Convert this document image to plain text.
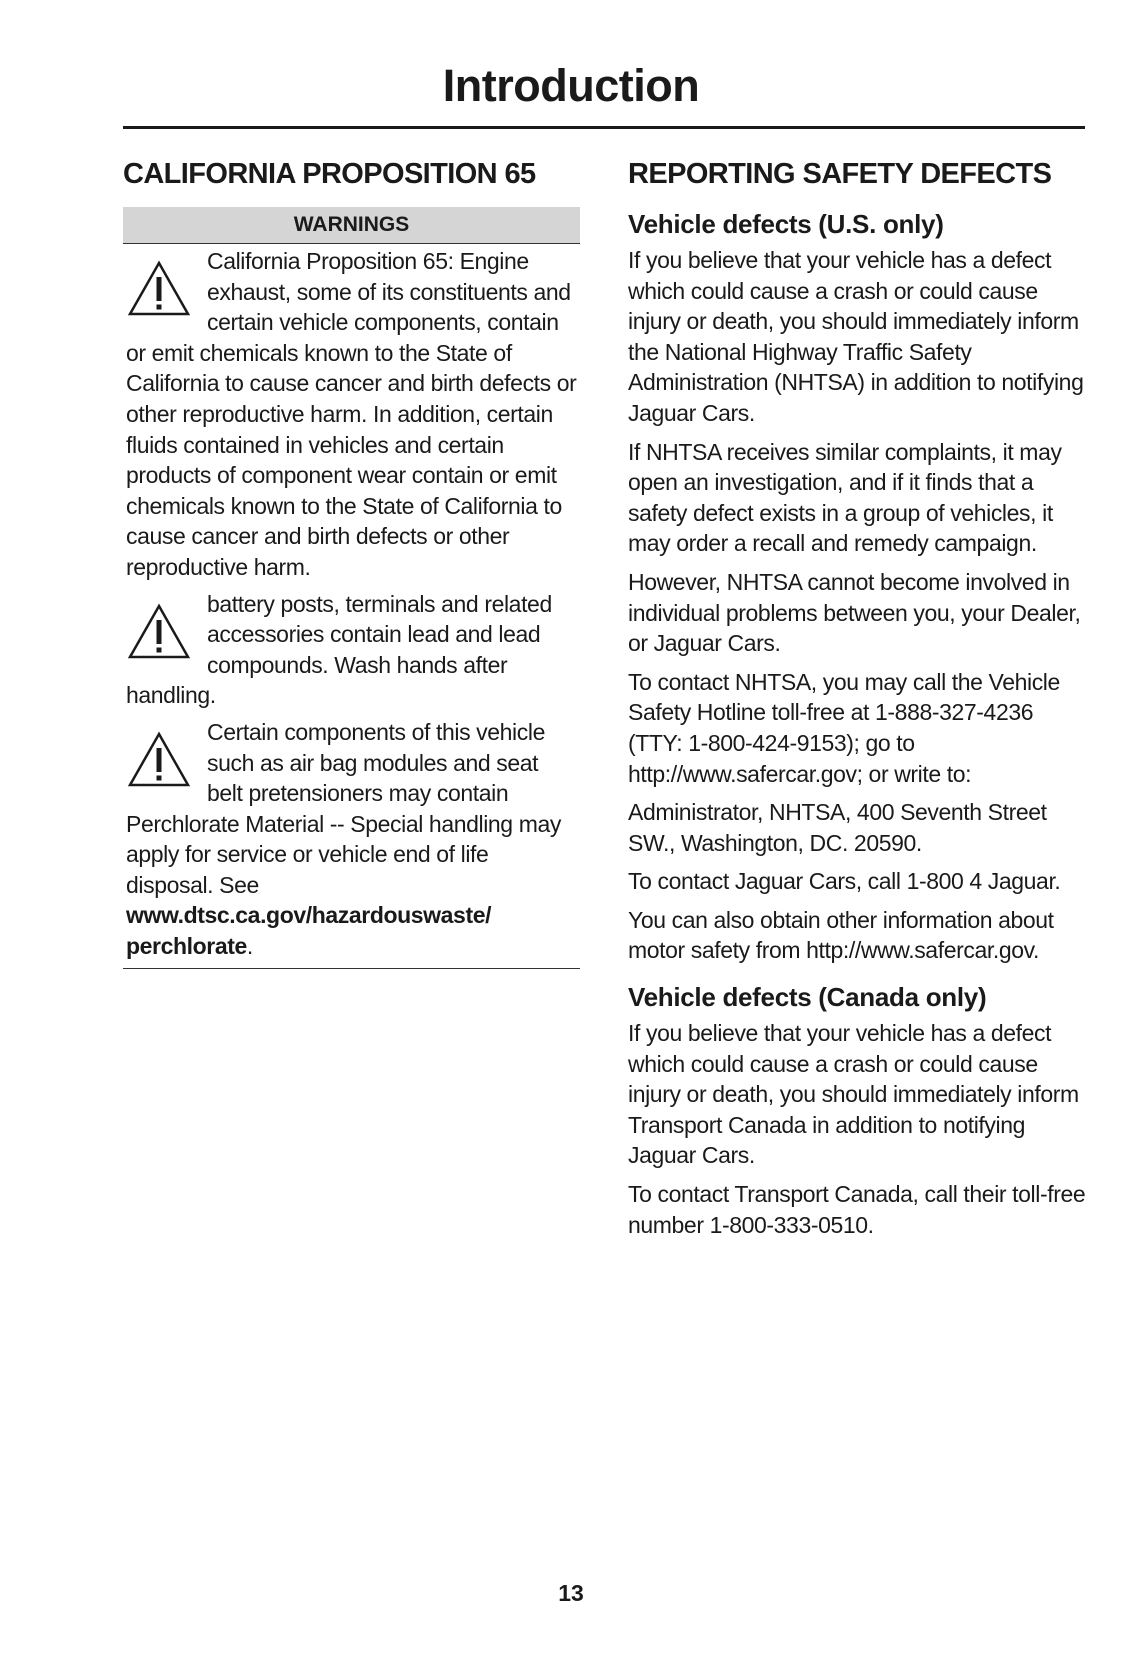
Introduction
CALIFORNIA PROPOSITION 65
WARNINGS

California Proposition 65: Engine exhaust, some of its constituents and certain vehicle components, contain or emit chemicals known to the State of California to cause cancer and birth defects or other reproductive harm. In addition, certain fluids contained in vehicles and certain products of component wear contain or emit chemicals known to the State of California to cause cancer and birth defects or other reproductive harm.

battery posts, terminals and related accessories contain lead and lead compounds. Wash hands after handling.

Certain components of this vehicle such as air bag modules and seat belt pretensioners may contain Perchlorate Material -- Special handling may apply for service or vehicle end of life disposal. See www.dtsc.ca.gov/hazardouswaste/ perchlorate.

REPORTING SAFETY DEFECTS
Vehicle defects (U.S. only)

If you believe that your vehicle has a defect which could cause a crash or could cause injury or death, you should immediately inform the National Highway Traffic Safety Administration (NHTSA) in addition to notifying Jaguar Cars.

If NHTSA receives similar complaints, it may open an investigation, and if it finds that a safety defect exists in a group of vehicles, it may order a recall and remedy campaign.

However, NHTSA cannot become involved in individual problems between you, your Dealer, or Jaguar Cars.

To contact NHTSA, you may call the Vehicle Safety Hotline toll-free at 1-888-327-4236 (TTY: 1-800-424-9153); go to http://www.safercar.gov; or write to:

Administrator, NHTSA, 400 Seventh Street SW., Washington, DC. 20590.

To contact Jaguar Cars, call 1-800 4 Jaguar.

You can also obtain other information about motor safety from http://www.safercar.gov.

Vehicle defects (Canada only)

If you believe that your vehicle has a defect which could cause a crash or could cause injury or death, you should immediately inform Transport Canada in addition to notifying Jaguar Cars.

To contact Transport Canada, call their toll-free number 1-800-333-0510.

13
